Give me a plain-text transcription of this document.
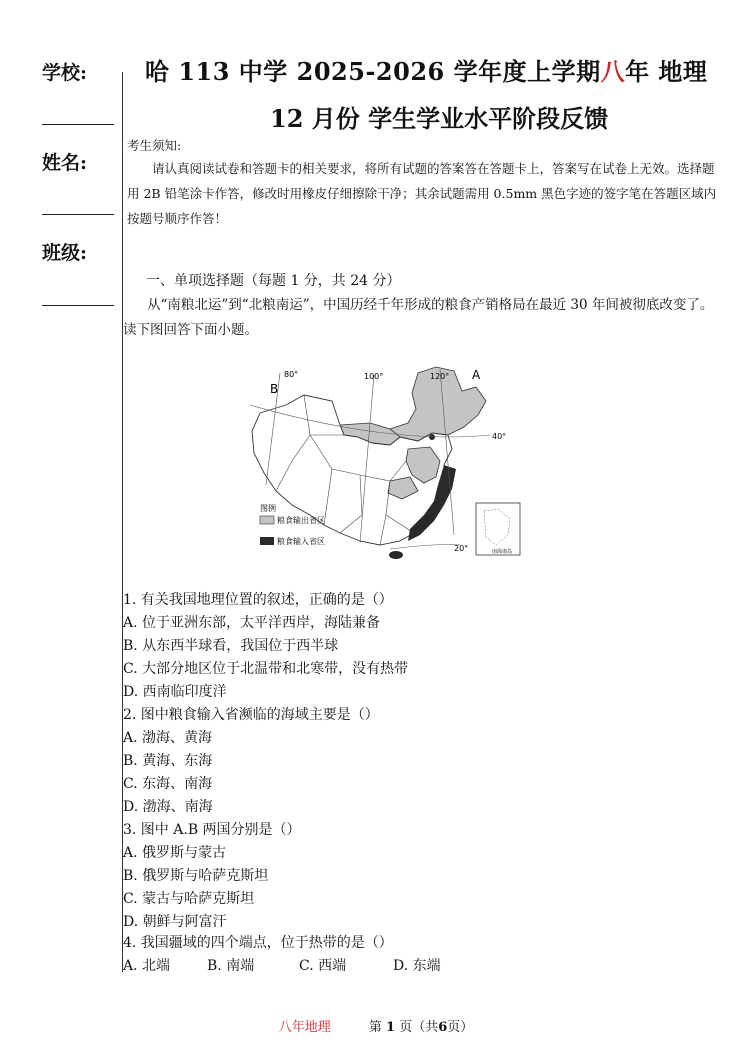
学校:
姓名:
班级:
哈 113 中学 2025-2026 学年度上学期八年 地理
12 月份 学生学业水平阶段反馈
考生须知:
请认真阅读试卷和答题卡的相关要求，将所有试题的答案答在答题卡上，答案写在试卷上无效。选择题用 2B 铅笔涂卡作答，修改时用橡皮仔细擦除干净；其余试题需用 0.5mm 黑色字迹的签字笔在答题区域内按题号顺序作答！
一、单项选择题（每题 1 分，共 24 分）
从“南粮北运”到“北粮南运”，中国历经千年形成的粮食产销格局在最近 30 年间被彻底改变了。读下图回答下面小题。
B
A
80°	100°	120°
40°
20°
图例
粮食输出省区
粮食输入省区
南海诸岛
1. 有关我国地理位置的叙述，正确的是（）
A. 位于亚洲东部，太平洋西岸，海陆兼备
B. 从东西半球看，我国位于西半球
C. 大部分地区位于北温带和北寒带，没有热带
D. 西南临印度洋
2. 图中粮食输入省濒临的海域主要是（）
A. 渤海、黄海
B. 黄海、东海
C. 东海、南海
D. 渤海、南海
3. 图中 A.B 两国分别是（）
A. 俄罗斯与蒙古
B. 俄罗斯与哈萨克斯坦
C. 蒙古与哈萨克斯坦
D. 朝鲜与阿富汗
4. 我国疆域的四个端点，位于热带的是（）
A. 北端	B. 南端	C. 西端	D. 东端
八年地理	第 1 页（共6页）
